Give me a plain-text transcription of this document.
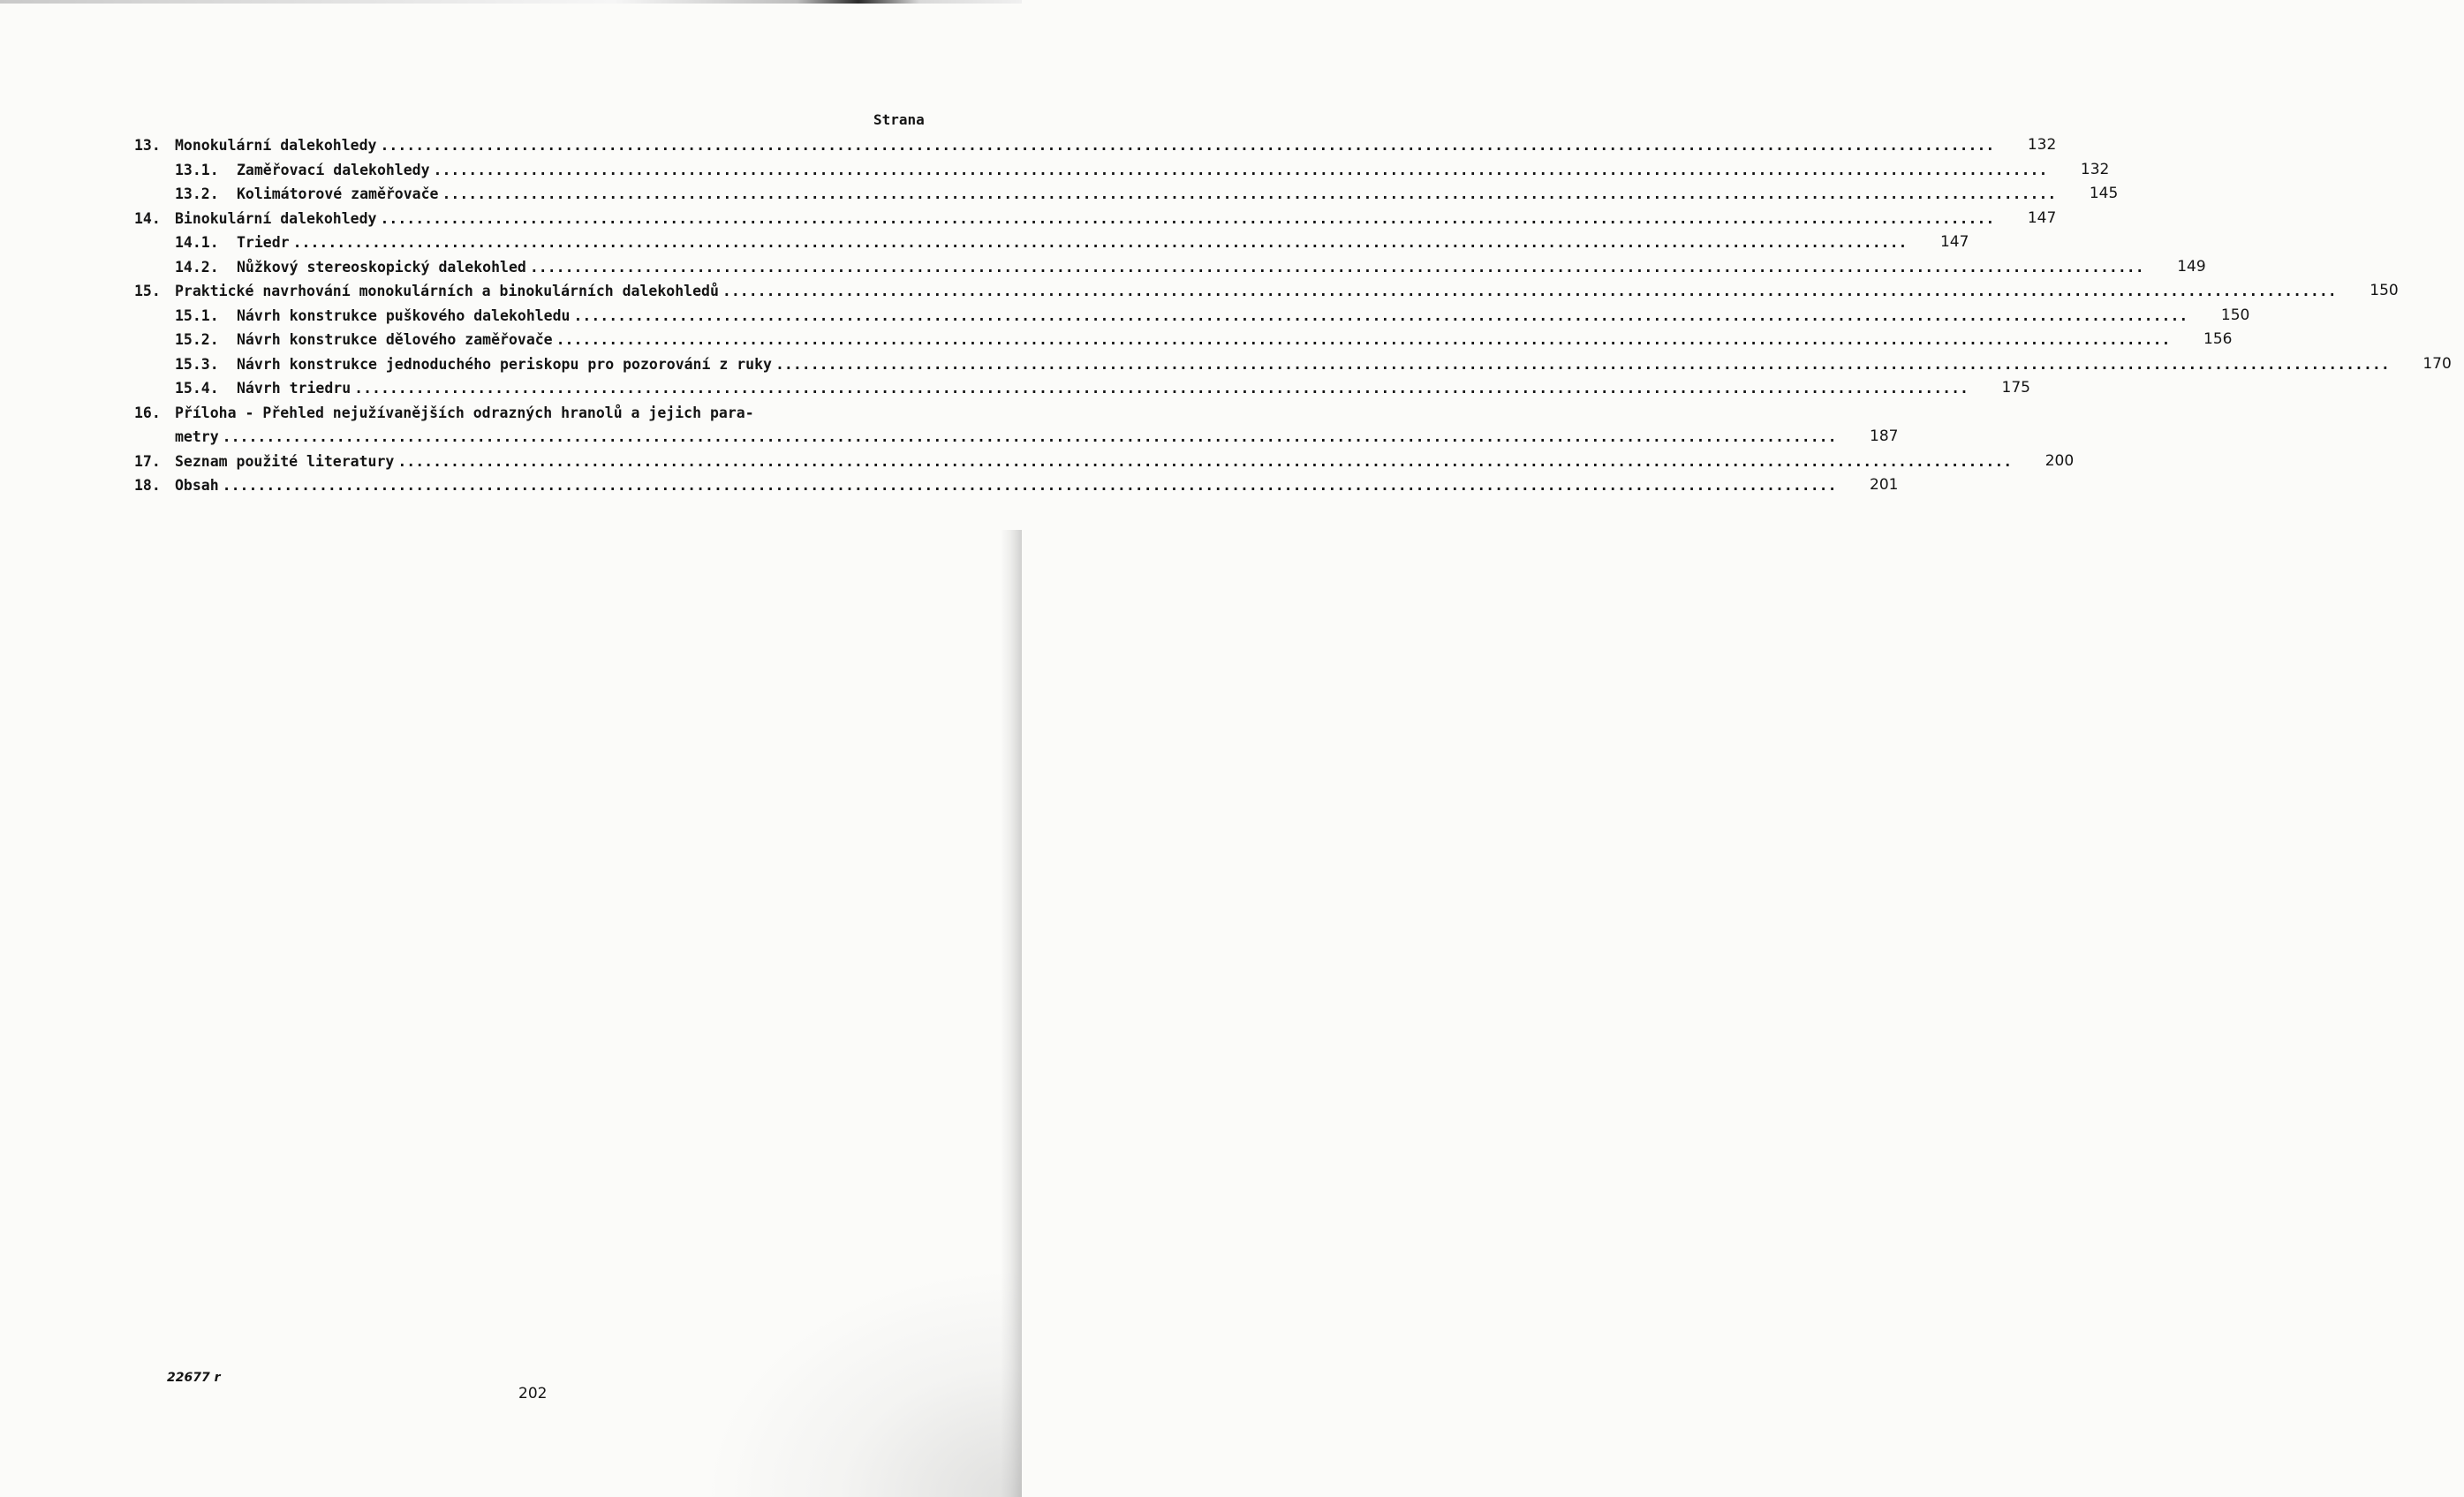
Strana
13. Monokulární dalekohledy .....	132
13.1.	Zaměřovací dalekohledy .....	132
13.2.	Kolimátorové zaměřovače .....	145
14. Binokulární dalekohledy .....	147
14.1.	Triedr .....	147
14.2.	Nůžkový stereoskopický dalekohled .....	149
15. Praktické navrhování monokulárních a binokulárních dalekohledů .....	150
15.1.	Návrh konstrukce puškového dalekohledu .....	150
15.2.	Návrh konstrukce dělového zaměřovače .....	156
15.3.	Návrh konstrukce jednoduchého periskopu pro pozorování z ruky .....	170
15.4.	Návrh triedru .....	175
16. Příloha - Přehled nejužívanějších odrazných hranolů a jejich para-
metry .....	187
17. Seznam použité literatury .....	200
18. Obsah .....	201
22677 r
202
